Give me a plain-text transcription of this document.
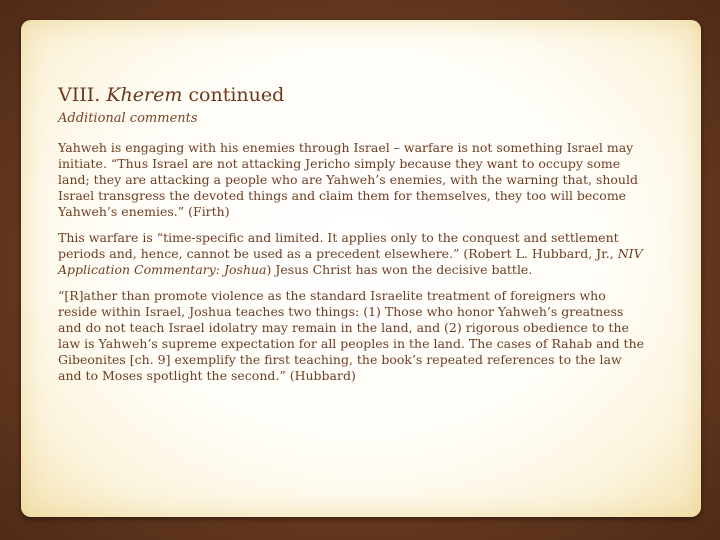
VIII. Kherem continued
Additional comments

Yahweh is engaging with his enemies through Israel – warfare is not something Israel may initiate. “Thus Israel are not attacking Jericho simply because they want to occupy some land; they are attacking a people who are Yahweh’s enemies, with the warning that, should Israel transgress the devoted things and claim them for themselves, they too will become Yahweh’s enemies.” (Firth)

This warfare is “time-specific and limited. It applies only to the conquest and settlement periods and, hence, cannot be used as a precedent elsewhere.” (Robert L. Hubbard, Jr., NIV Application Commentary: Joshua) Jesus Christ has won the decisive battle.

“[R]ather than promote violence as the standard Israelite treatment of foreigners who reside within Israel, Joshua teaches two things: (1) Those who honor Yahweh’s greatness and do not teach Israel idolatry may remain in the land, and (2) rigorous obedience to the law is Yahweh’s supreme expectation for all peoples in the land. The cases of Rahab and the Gibeonites [ch. 9] exemplify the first teaching, the book’s repeated references to the law and to Moses spotlight the second.” (Hubbard)
